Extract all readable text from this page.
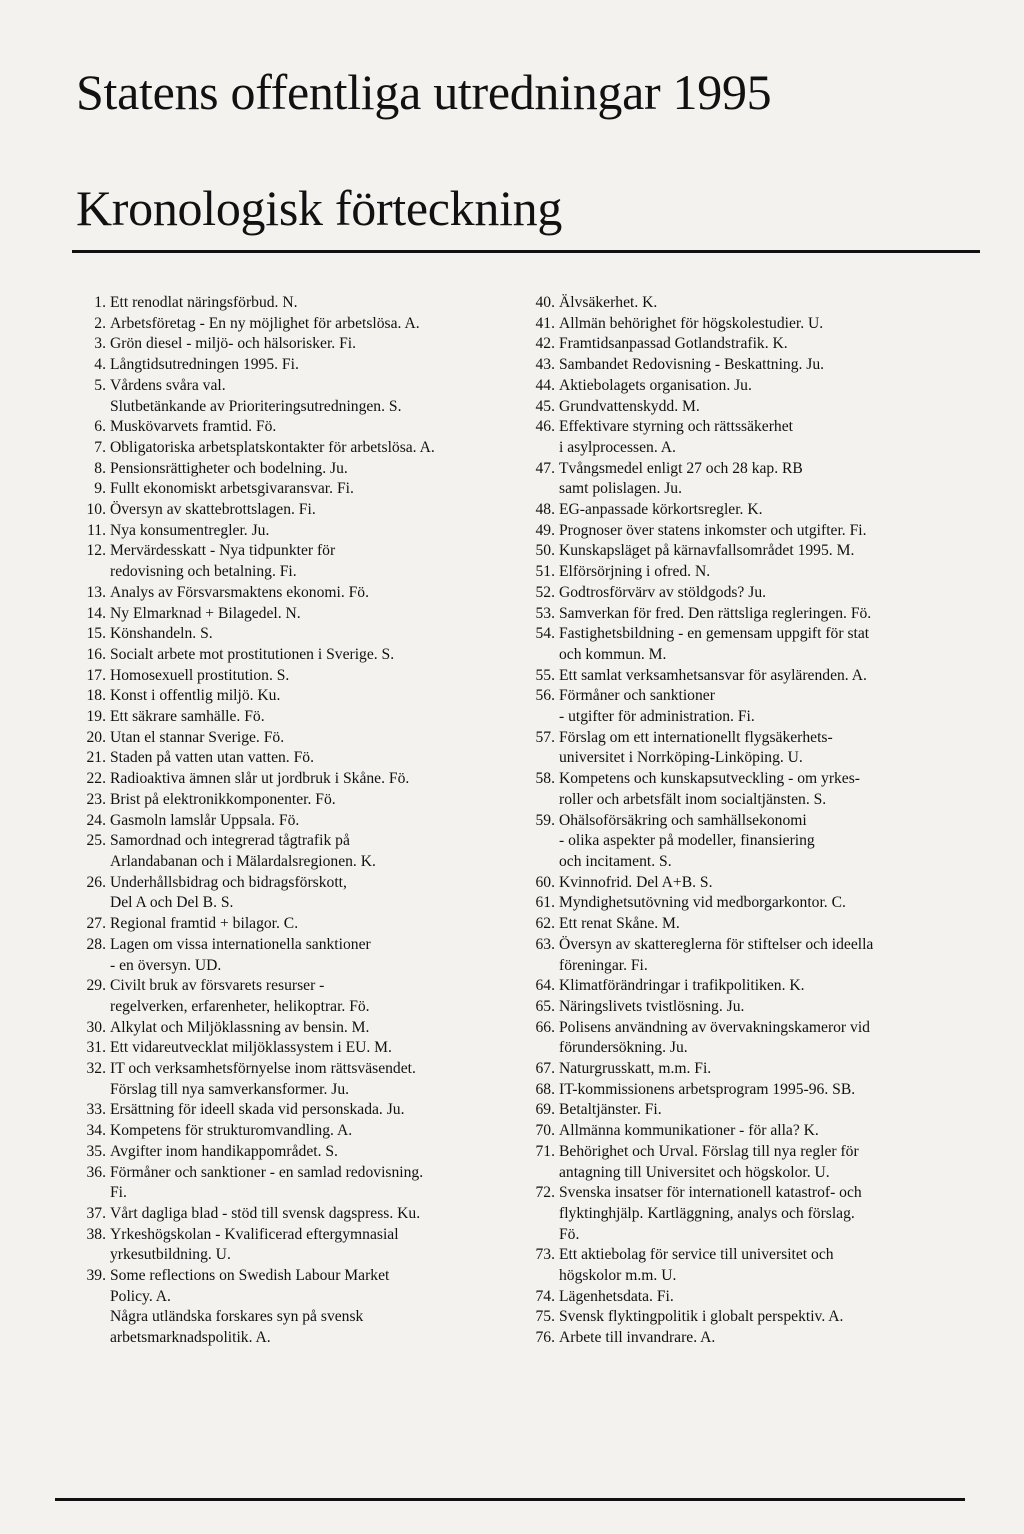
Statens offentliga utredningar 1995
Kronologisk förteckning
1. Ett renodlat näringsförbud. N.
2. Arbetsföretag - En ny möjlighet för arbetslösa. A.
3. Grön diesel - miljö- och hälsorisker. Fi.
4. Långtidsutredningen 1995. Fi.
5. Vårdens svåra val.
Slutbetänkande av Prioriteringsutredningen. S.
6. Muskövarvets framtid. Fö.
7. Obligatoriska arbetsplatskontakter för arbetslösa. A.
8. Pensionsrättigheter och bodelning. Ju.
9. Fullt ekonomiskt arbetsgivaransvar. Fi.
10. Översyn av skattebrottslagen. Fi.
11. Nya konsumentregler. Ju.
12. Mervärdesskatt - Nya tidpunkter för
redovisning och betalning. Fi.
13. Analys av Försvarsmaktens ekonomi. Fö.
14. Ny Elmarknad + Bilagedel. N.
15. Könshandeln. S.
16. Socialt arbete mot prostitutionen i Sverige. S.
17. Homosexuell prostitution. S.
18. Konst i offentlig miljö. Ku.
19. Ett säkrare samhälle. Fö.
20. Utan el stannar Sverige. Fö.
21. Staden på vatten utan vatten. Fö.
22. Radioaktiva ämnen slår ut jordbruk i Skåne. Fö.
23. Brist på elektronikkomponenter. Fö.
24. Gasmoln lamslår Uppsala. Fö.
25. Samordnad och integrerad tågtrafik på
Arlandabanan och i Mälardalsregionen. K.
26. Underhållsbidrag och bidragsförskott,
Del A och Del B. S.
27. Regional framtid + bilagor. C.
28. Lagen om vissa internationella sanktioner
- en översyn. UD.
29. Civilt bruk av försvarets resurser -
regelverken, erfarenheter, helikoptrar. Fö.
30. Alkylat och Miljöklassning av bensin. M.
31. Ett vidareutvecklat miljöklassystem i EU. M.
32. IT och verksamhetsförnyelse inom rättsväsendet.
Förslag till nya samverkansformer. Ju.
33. Ersättning för ideell skada vid personskada. Ju.
34. Kompetens för strukturomvandling. A.
35. Avgifter inom handikappområdet. S.
36. Förmåner och sanktioner - en samlad redovisning.
Fi.
37. Vårt dagliga blad - stöd till svensk dagspress. Ku.
38. Yrkeshögskolan - Kvalificerad eftergymnasial
yrkesutbildning. U.
39. Some reflections on Swedish Labour Market
Policy. A.
Några utländska forskares syn på svensk
arbetsmarknadspolitik. A.
40. Älvsäkerhet. K.
41. Allmän behörighet för högskolestudier. U.
42. Framtidsanpassad Gotlandstrafik. K.
43. Sambandet Redovisning - Beskattning. Ju.
44. Aktiebolagets organisation. Ju.
45. Grundvattenskydd. M.
46. Effektivare styrning och rättssäkerhet
i asylprocessen. A.
47. Tvångsmedel enligt 27 och 28 kap. RB
samt polislagen. Ju.
48. EG-anpassade körkortsregler. K.
49. Prognoser över statens inkomster och utgifter. Fi.
50. Kunskapsläget på kärnavfallsområdet 1995. M.
51. Elförsörjning i ofred. N.
52. Godtrosförvärv av stöldgods? Ju.
53. Samverkan för fred. Den rättsliga regleringen. Fö.
54. Fastighetsbildning - en gemensam uppgift för stat
och kommun. M.
55. Ett samlat verksamhetsansvar för asylärenden. A.
56. Förmåner och sanktioner
- utgifter för administration. Fi.
57. Förslag om ett internationellt flygsäkerhets-
universitet i Norrköping-Linköping. U.
58. Kompetens och kunskapsutveckling - om yrkes-
roller och arbetsfält inom socialtjänsten. S.
59. Ohälsoförsäkring och samhällsekonomi
- olika aspekter på modeller, finansiering
och incitament. S.
60. Kvinnofrid. Del A+B. S.
61. Myndighetsutövning vid medborgarkontor. C.
62. Ett renat Skåne. M.
63. Översyn av skattereglerna för stiftelser och ideella
föreningar. Fi.
64. Klimatförändringar i trafikpolitiken. K.
65. Näringslivets tvistlösning. Ju.
66. Polisens användning av övervakningskameror vid
förundersökning. Ju.
67. Naturgrusskatt, m.m. Fi.
68. IT-kommissionens arbetsprogram 1995-96. SB.
69. Betaltjänster. Fi.
70. Allmänna kommunikationer - för alla? K.
71. Behörighet och Urval. Förslag till nya regler för
antagning till Universitet och högskolor. U.
72. Svenska insatser för internationell katastrof- och
flyktinghjälp. Kartläggning, analys och förslag.
Fö.
73. Ett aktiebolag för service till universitet och
högskolor m.m. U.
74. Lägenhetsdata. Fi.
75. Svensk flyktingpolitik i globalt perspektiv. A.
76. Arbete till invandrare. A.
